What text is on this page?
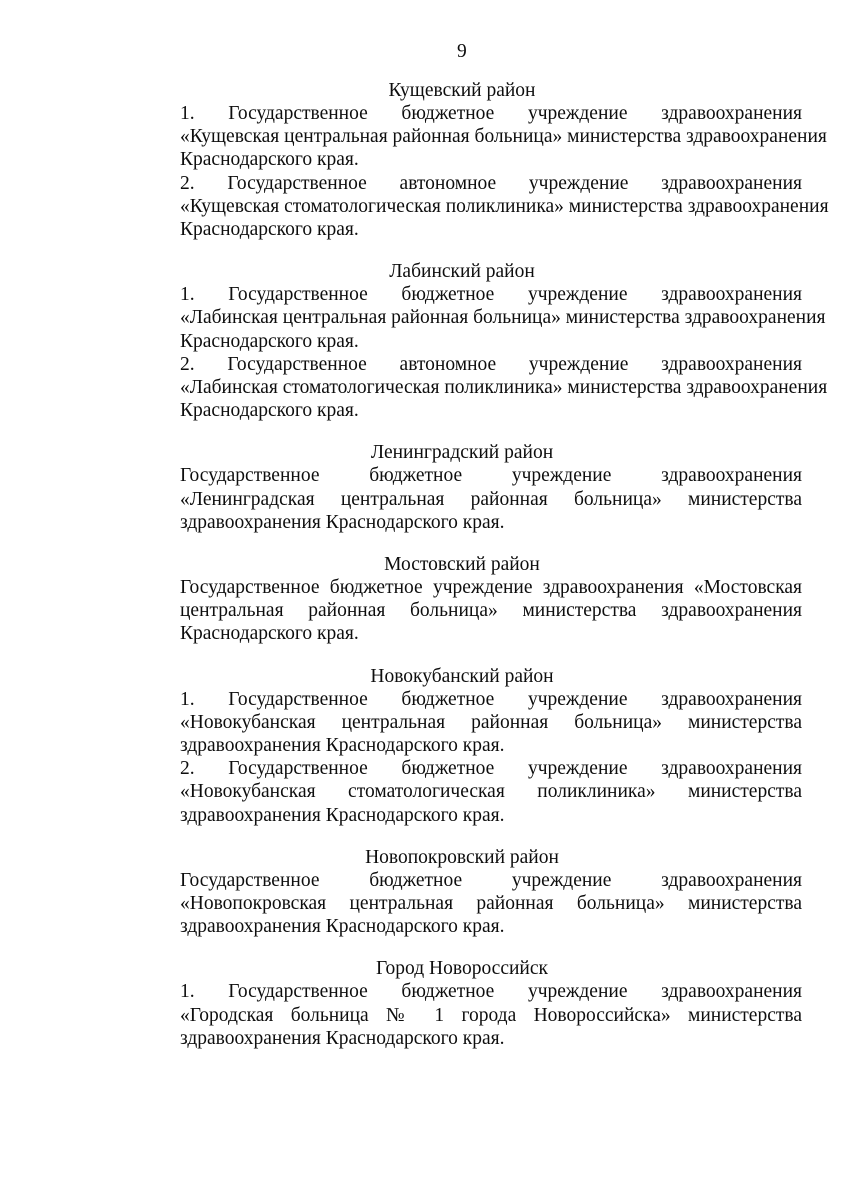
9
Кущевский район
1. Государственное бюджетное учреждение здравоохранения
«Кущевская центральная районная больница» министерства здравоохранения
Краснодарского края.
2. Государственное автономное учреждение здравоохранения
«Кущевская стоматологическая поликлиника» министерства здравоохранения
Краснодарского края.
Лабинский район
1. Государственное бюджетное учреждение здравоохранения
«Лабинская центральная районная больница» министерства здравоохранения
Краснодарского края.
2. Государственное автономное учреждение здравоохранения
«Лабинская стоматологическая поликлиника» министерства здравоохранения
Краснодарского края.
Ленинградский район
Государственное бюджетное учреждение здравоохранения
«Ленинградская центральная районная больница» министерства
здравоохранения Краснодарского края.
Мостовский район
Государственное бюджетное учреждение здравоохранения «Мостовская
центральная районная больница» министерства здравоохранения
Краснодарского края.
Новокубанский район
1. Государственное бюджетное учреждение здравоохранения
«Новокубанская центральная районная больница» министерства
здравоохранения Краснодарского края.
2. Государственное бюджетное учреждение здравоохранения
«Новокубанская стоматологическая поликлиника» министерства
здравоохранения Краснодарского края.
Новопокровский район
Государственное бюджетное учреждение здравоохранения
«Новопокровская центральная районная больница» министерства
здравоохранения Краснодарского края.
Город Новороссийск
1. Государственное бюджетное учреждение здравоохранения
«Городская больница № 1 города Новороссийска» министерства
здравоохранения Краснодарского края.
